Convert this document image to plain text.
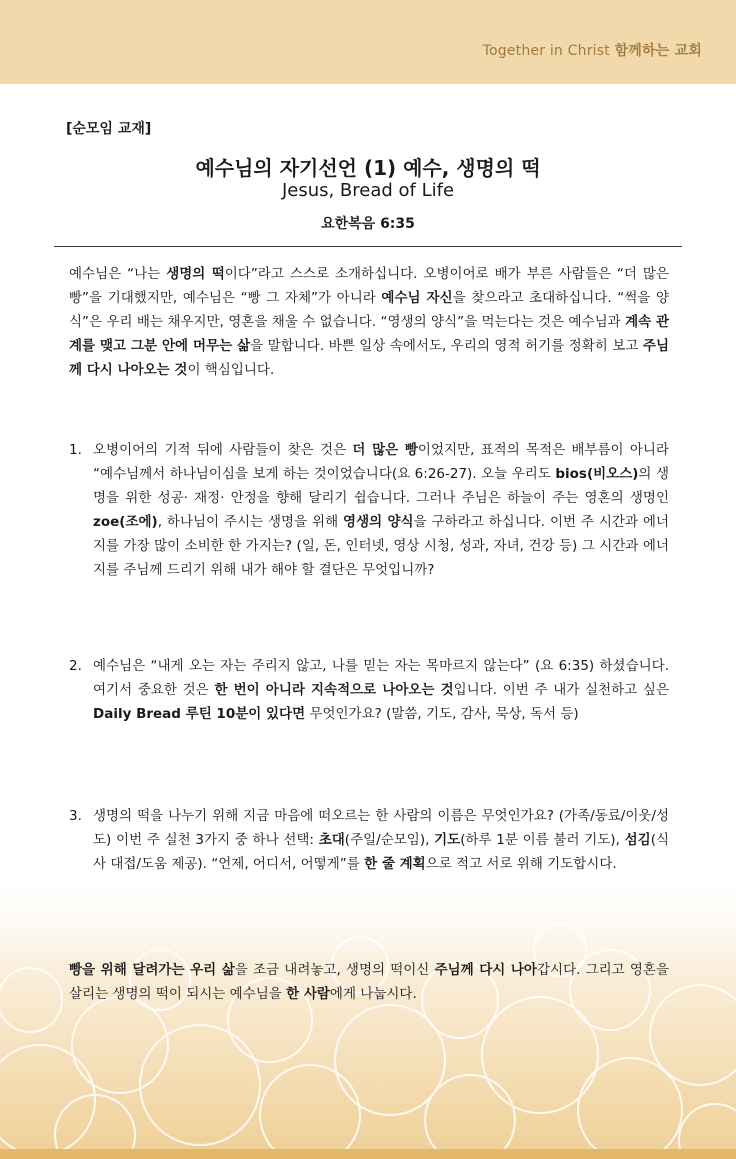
Together in Christ 함께하는 교회
[순모임 교재]
예수님의 자기선언 (1) 예수, 생명의 떡
Jesus, Bread of Life
요한복음 6:35
예수님은 “나는 생명의 떡이다”라고 스스로 소개하십니다. 오병이어로 배가 부른 사람들은 “더 많은 빵”을 기대했지만, 예수님은 “빵 그 자체”가 아니라 예수님 자신을 찾으라고 초대하십니다. “썩을 양식”은 우리 배는 채우지만, 영혼을 채울 수 없습니다. “영생의 양식”을 먹는다는 것은 예수님과 계속 관계를 맺고 그분 안에 머무는 삶을 말합니다. 바쁜 일상 속에서도, 우리의 영적 허기를 정확히 보고 주님께 다시 나아오는 것이 핵심입니다.
1. 오병이어의 기적 뒤에 사람들이 찾은 것은 더 많은 빵이었지만, 표적의 목적은 배부름이 아니라 “예수님께서 하나님이심을 보게 하는 것이었습니다(요 6:26-27). 오늘 우리도 bios(비오스)의 생명을 위한 성공· 재정· 안정을 향해 달리기 쉽습니다. 그러나 주님은 하늘이 주는 영혼의 생명인 zoe(조에), 하나님이 주시는 생명을 위해 영생의 양식을 구하라고 하십니다. 이번 주 시간과 에너지를 가장 많이 소비한 한 가지는? (일, 돈, 인터넷, 영상 시청, 성과, 자녀, 건강 등) 그 시간과 에너지를 주님께 드리기 위해 내가 해야 할 결단은 무엇입니까?
2. 예수님은 “내게 오는 자는 주리지 않고, 나를 믿는 자는 목마르지 않는다” (요 6:35) 하셨습니다. 여기서 중요한 것은 한 번이 아니라 지속적으로 나아오는 것입니다. 이번 주 내가 실천하고 싶은 Daily Bread 루틴 10분이 있다면 무엇인가요? (말씀, 기도, 감사, 묵상, 독서 등)
3. 생명의 떡을 나누기 위해 지금 마음에 떠오르는 한 사람의 이름은 무엇인가요? (가족/동료/이웃/성도) 이번 주 실천 3가지 중 하나 선택: 초대(주일/순모임), 기도(하루 1분 이름 불러 기도), 섬김(식사 대접/도움 제공). “언제, 어디서, 어떻게”를 한 줄 계획으로 적고 서로 위해 기도합시다.
빵을 위해 달려가는 우리 삶을 조금 내려놓고, 생명의 떡이신 주님께 다시 나아갑시다. 그리고 영혼을 살리는 생명의 떡이 되시는 예수님을 한 사람에게 나눕시다.
